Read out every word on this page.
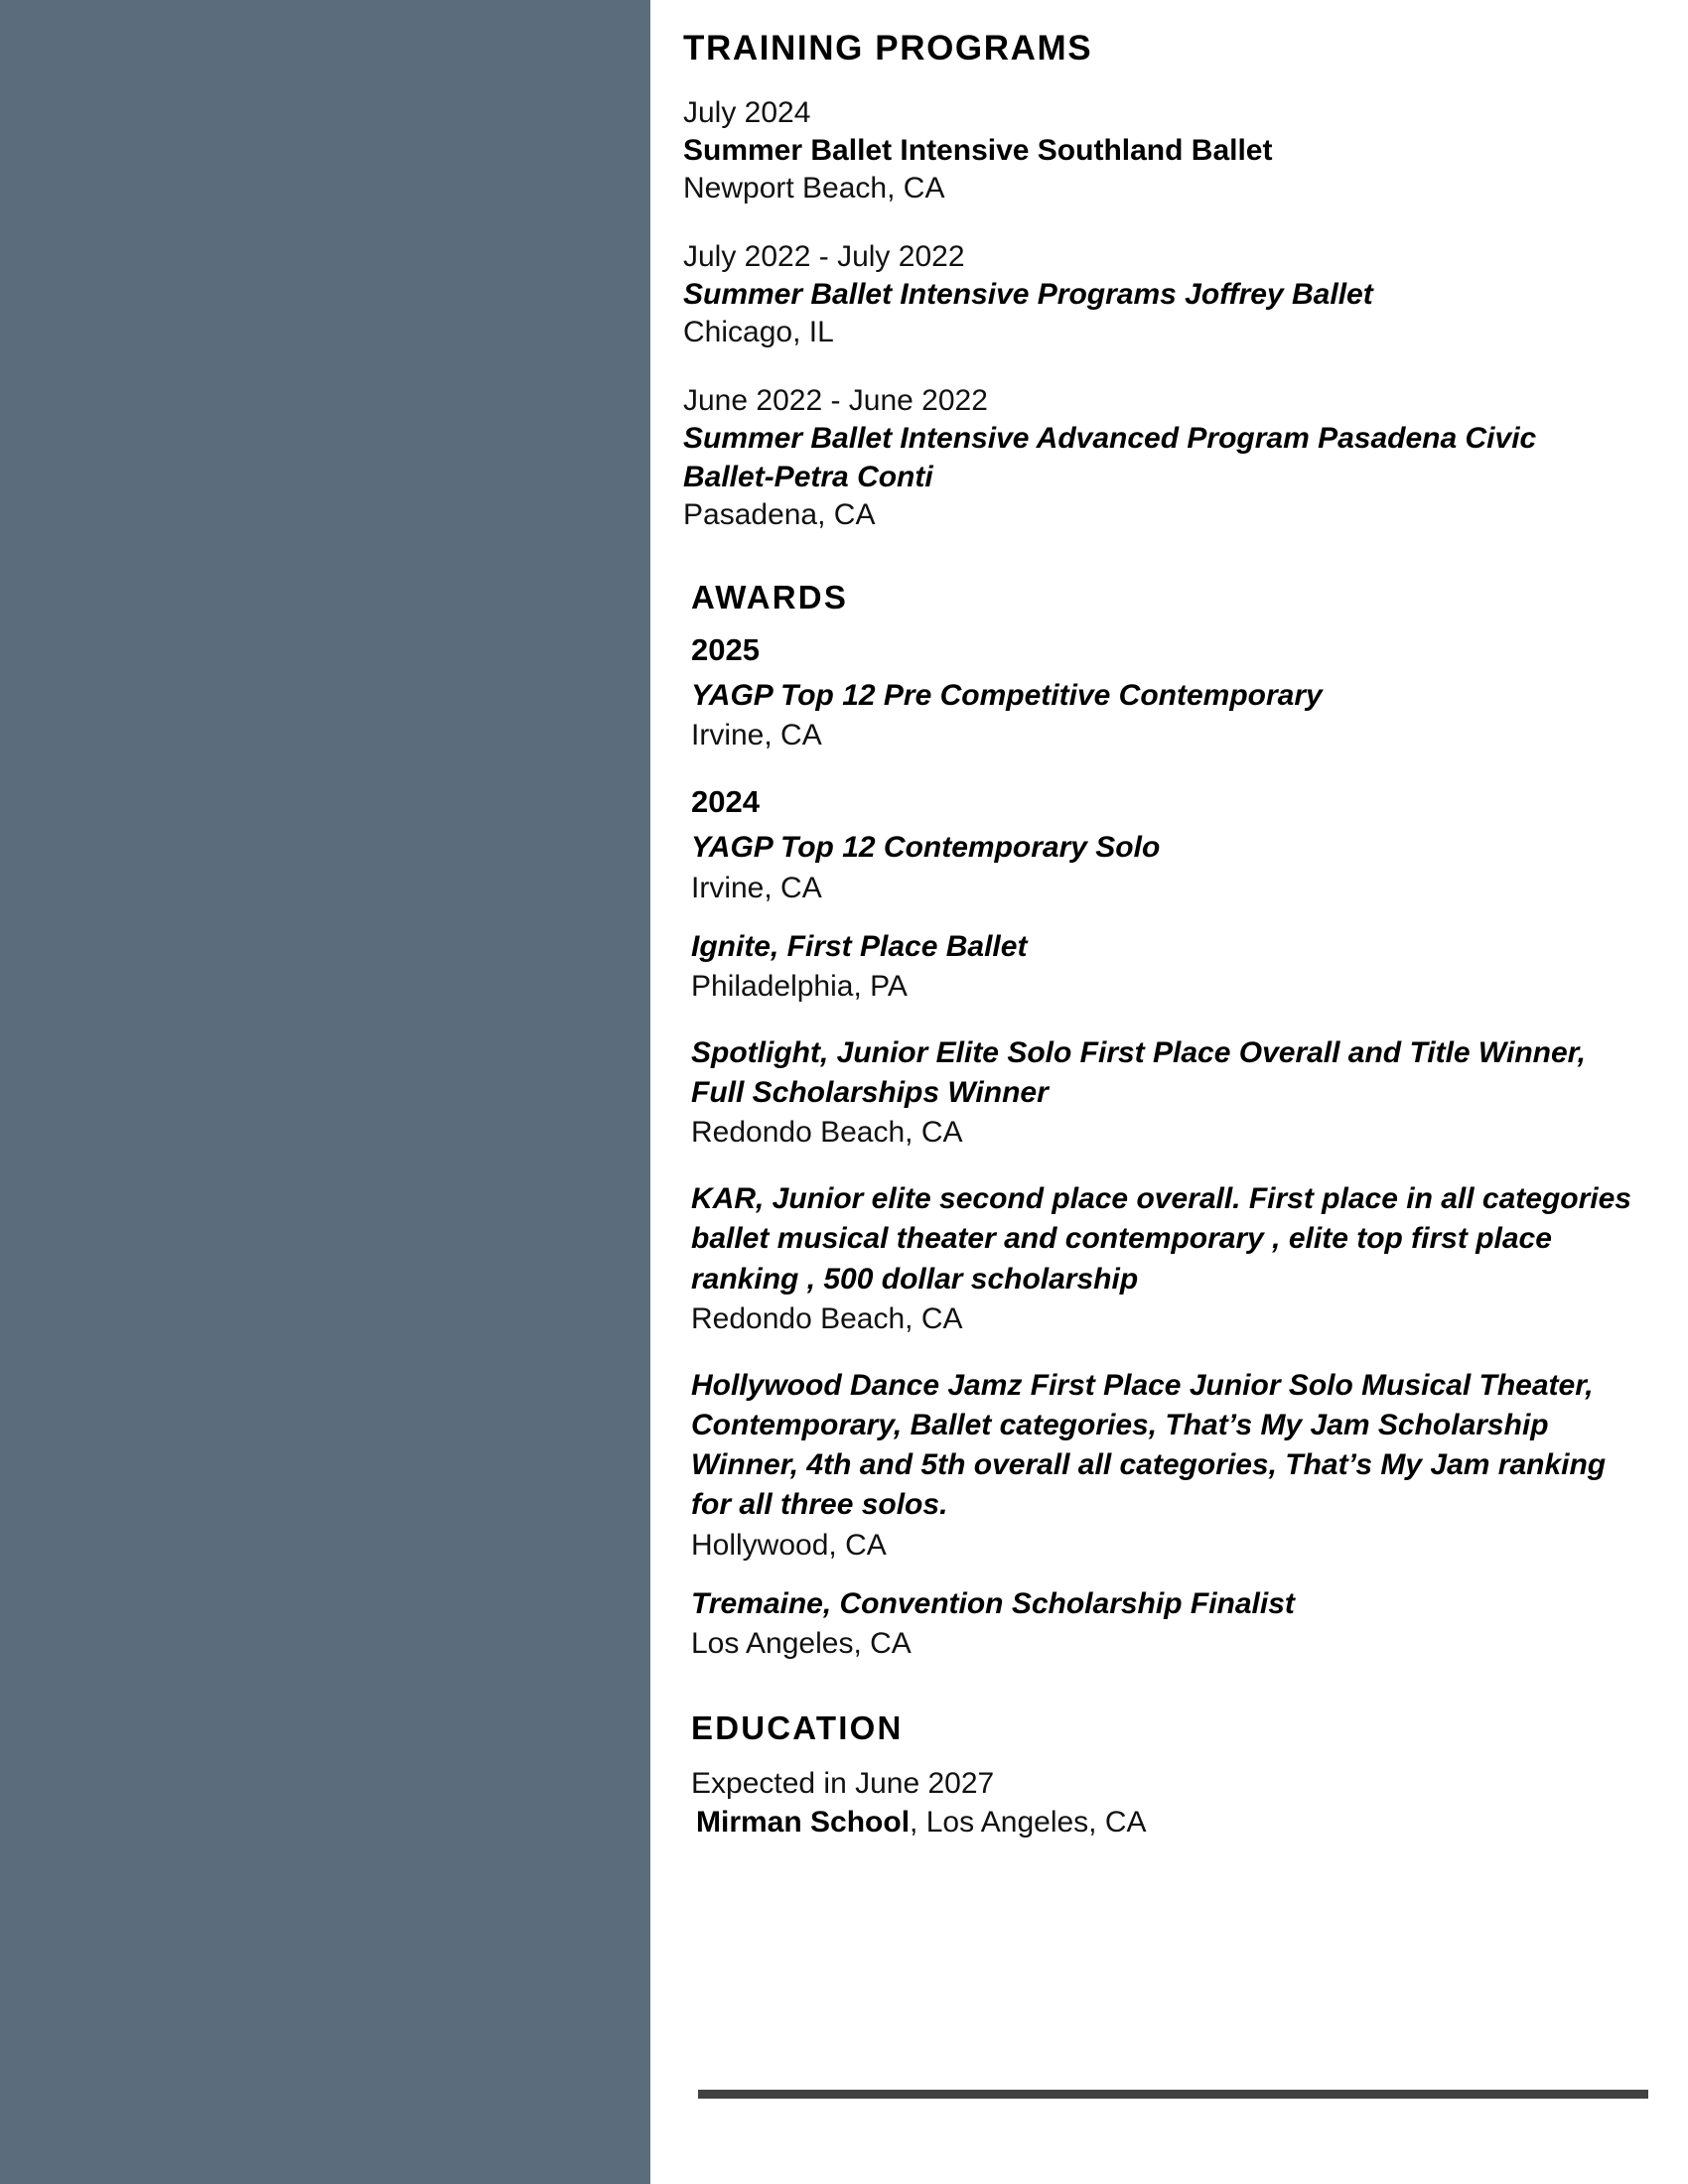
TRAINING PROGRAMS
July 2024
Summer Ballet Intensive Southland Ballet
Newport Beach, CA
July 2022 - July 2022
Summer Ballet Intensive Programs Joffrey Ballet
Chicago, IL
June 2022 - June 2022
Summer Ballet Intensive Advanced Program Pasadena Civic Ballet-Petra Conti
Pasadena, CA
AWARDS
2025
YAGP Top 12 Pre Competitive Contemporary
Irvine, CA
2024
YAGP Top 12 Contemporary Solo
Irvine, CA
Ignite, First Place Ballet
Philadelphia, PA
Spotlight, Junior Elite Solo First Place Overall and Title Winner, Full Scholarships Winner
Redondo Beach, CA
KAR, Junior elite second place overall. First place in all categories ballet musical theater and contemporary , elite top first place ranking , 500 dollar scholarship
Redondo Beach, CA
Hollywood Dance Jamz First Place Junior Solo Musical Theater, Contemporary, Ballet categories, That’s My Jam Scholarship Winner, 4th and 5th overall all categories, That’s My Jam ranking for all three solos.
Hollywood, CA
Tremaine, Convention Scholarship Finalist
Los Angeles, CA
EDUCATION
Expected in June 2027
Mirman School, Los Angeles, CA
